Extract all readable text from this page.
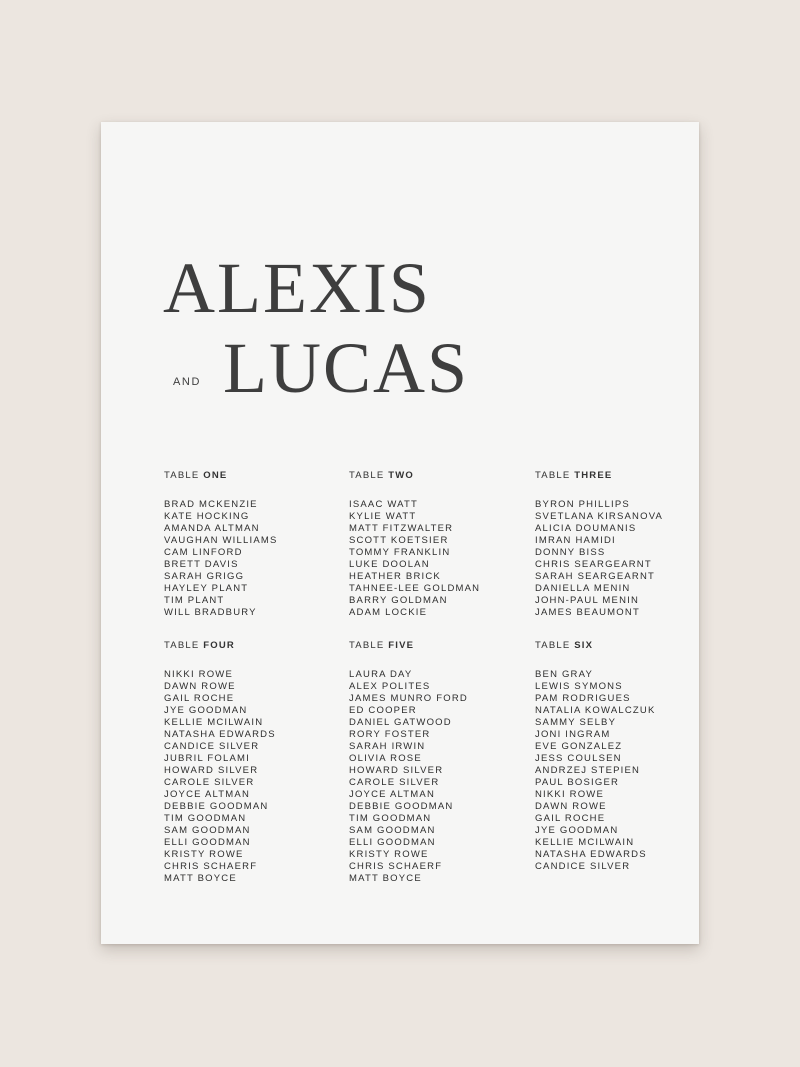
ALEXIS
AND LUCAS
TABLE ONE
BRAD MCKENZIE
KATE HOCKING
AMANDA ALTMAN
VAUGHAN WILLIAMS
CAM LINFORD
BRETT DAVIS
SARAH GRIGG
HAYLEY PLANT
TIM PLANT
WILL BRADBURY
TABLE TWO
ISAAC WATT
KYLIE WATT
MATT FITZWALTER
SCOTT KOETSIER
TOMMY FRANKLIN
LUKE DOOLAN
HEATHER BRICK
TAHNEE-LEE GOLDMAN
BARRY GOLDMAN
ADAM LOCKIE
TABLE THREE
BYRON PHILLIPS
SVETLANA KIRSANOVA
ALICIA DOUMANIS
IMRAN HAMIDI
DONNY BISS
CHRIS SEARGEARNT
SARAH SEARGEARNT
DANIELLA MENIN
JOHN-PAUL MENIN
JAMES BEAUMONT
TABLE FOUR
NIKKI ROWE
DAWN ROWE
GAIL ROCHE
JYE GOODMAN
KELLIE MCILWAIN
NATASHA EDWARDS
CANDICE SILVER
JUBRIL FOLAMI
HOWARD SILVER
CAROLE SILVER
JOYCE ALTMAN
DEBBIE GOODMAN
TIM GOODMAN
SAM GOODMAN
ELLI GOODMAN
KRISTY ROWE
CHRIS SCHAERF
MATT BOYCE
TABLE FIVE
LAURA DAY
ALEX POLITES
JAMES MUNRO FORD
ED COOPER
DANIEL GATWOOD
RORY FOSTER
SARAH IRWIN
OLIVIA ROSE
HOWARD SILVER
CAROLE SILVER
JOYCE ALTMAN
DEBBIE GOODMAN
TIM GOODMAN
SAM GOODMAN
ELLI GOODMAN
KRISTY ROWE
CHRIS SCHAERF
MATT BOYCE
TABLE SIX
BEN GRAY
LEWIS SYMONS
PAM RODRIGUES
NATALIA KOWALCZUK
SAMMY SELBY
JONI INGRAM
EVE GONZALEZ
JESS COULSEN
ANDRZEJ STEPIEN
PAUL BOSIGER
NIKKI ROWE
DAWN ROWE
GAIL ROCHE
JYE GOODMAN
KELLIE MCILWAIN
NATASHA EDWARDS
CANDICE SILVER
